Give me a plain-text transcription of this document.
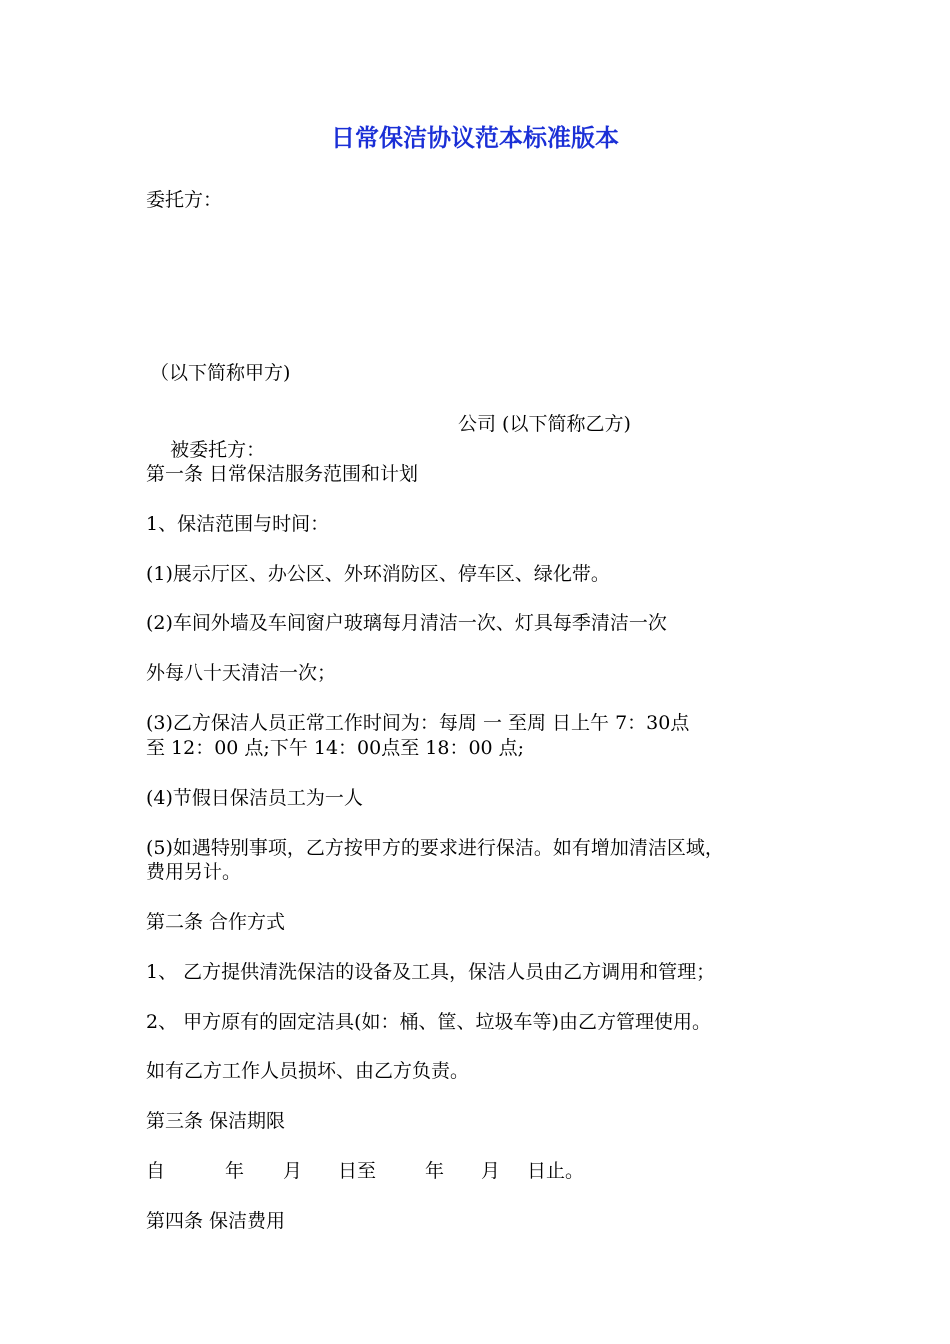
日常保洁协议范本标准版本
委托方：
（以下简称甲方)

被委托方：

公司 (以下简称乙方)
第一条 日常保洁服务范围和计划
1、保洁范围与时间：
(1)展示厅区、办公区、外环消防区、停车区、绿化带。
(2)车间外墙及车间窗户玻璃每月清洁一次、灯具每季清洁一次
外每八十天清洁一次；
(3)乙方保洁人员正常工作时间为：每周 一 至周 日上午 7：30点
至 12：00 点;下午 14：00点至 18：00 点;
(4)节假日保洁员工为一人
(5)如遇特别事项，乙方按甲方的要求进行保洁。如有增加清洁区域，
费用另计。
第二条 合作方式
1、 乙方提供清洗保洁的设备及工具，保洁人员由乙方调用和管理；
2、 甲方原有的固定洁具(如：桶、筐、垃圾车等)由乙方管理使用。
如有乙方工作人员损坏、由乙方负责。
第三条 保洁期限
自	年 月 日至	年 月 日止。
第四条 保洁费用
